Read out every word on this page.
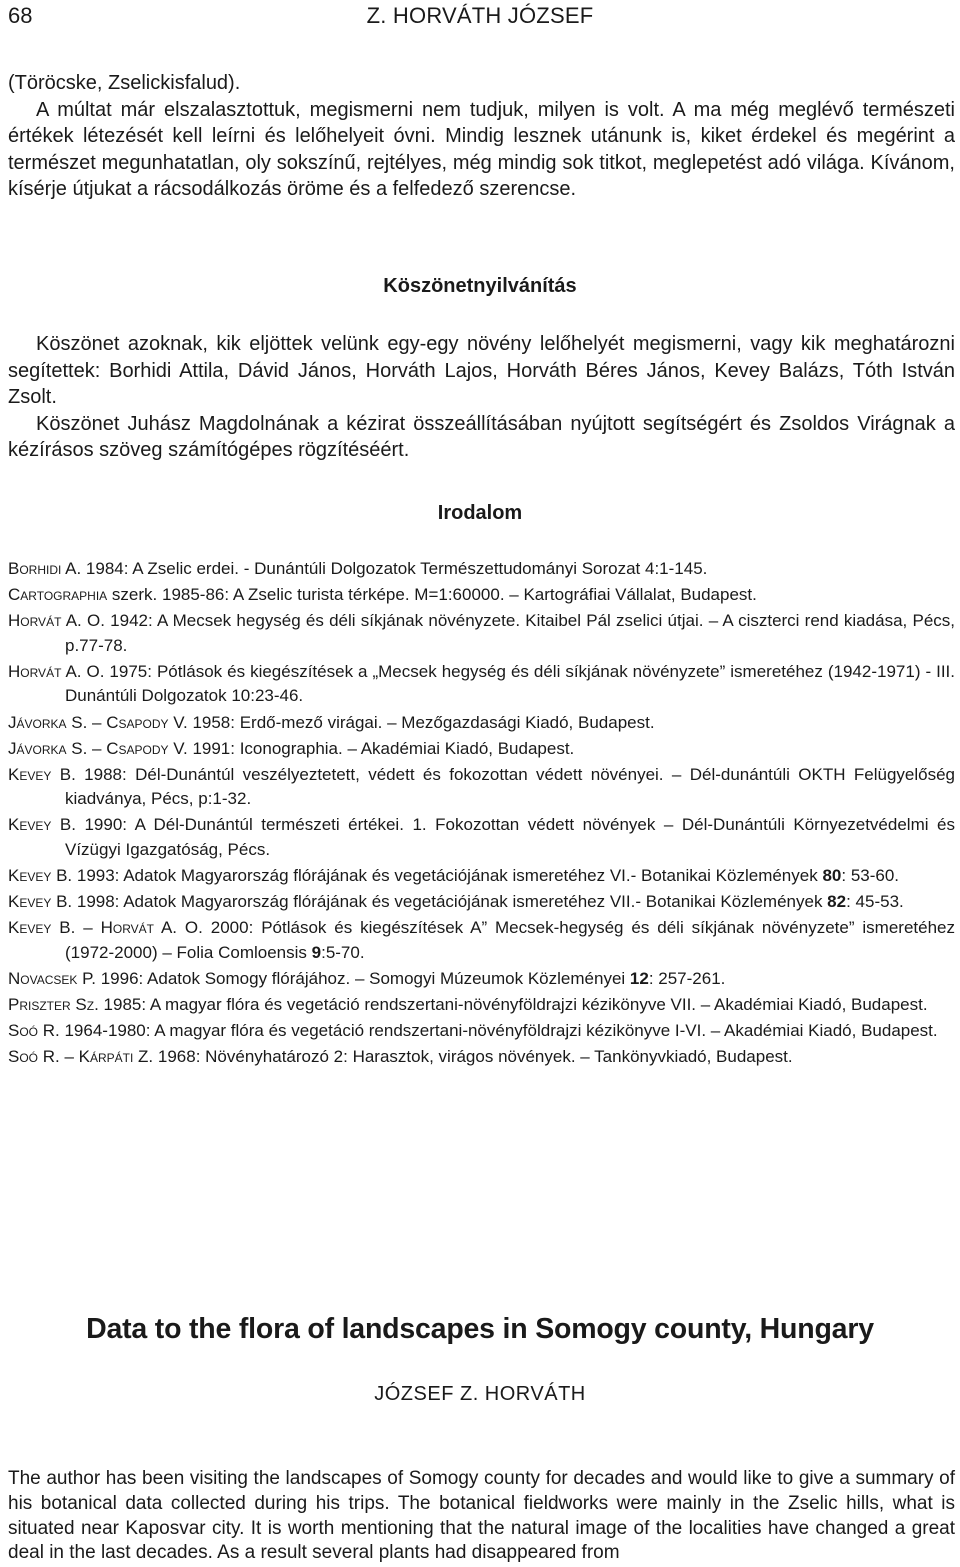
68	Z. HORVÁTH JÓZSEF

(Töröcske, Zselickisfalud).

A múltat már elszalasztottuk, megismerni nem tudjuk, milyen is volt. A ma még meglévő természeti értékek létezését kell leírni és lelőhelyeit óvni. Mindig lesznek utánunk is, kiket érdekel és megérint a természet megunhatatlan, oly sokszínű, rejtélyes, még mindig sok titkot, meglepetést adó világa. Kívánom, kísérje útjukat a rácsodálkozás öröme és a felfedező szerencse.

Köszönetnyilvánítás

Köszönet azoknak, kik eljöttek velünk egy-egy növény lelőhelyét megismerni, vagy kik meghatározni segítettek: Borhidi Attila, Dávid János, Horváth Lajos, Horváth Béres János, Kevey Balázs, Tóth István Zsolt.

Köszönet Juhász Magdolnának a kézirat összeállításában nyújtott segítségért és Zsoldos Virágnak a kézírásos szöveg számítógépes rögzítéséért.

Irodalom

Borhidi A. 1984: A Zselic erdei. - Dunántúli Dolgozatok Természettudományi Sorozat 4:1-145.

Cartographia szerk. 1985-86: A Zselic turista térképe. M=1:60000. – Kartográfiai Vállalat, Budapest.

Horvát A. O. 1942: A Mecsek hegység és déli síkjának növényzete. Kitaibel Pál zselici útjai. – A ciszterci rend kiadása, Pécs, p.77-78.

Horvát A. O. 1975: Pótlások és kiegészítések a „Mecsek hegység és déli síkjának növényzete” ismeretéhez (1942-1971) - III. Dunántúli Dolgozatok 10:23-46.

Jávorka S. – Csapody V. 1958: Erdő-mező virágai. – Mezőgazdasági Kiadó, Budapest.

Jávorka S. – Csapody V. 1991: Iconographia. – Akadémiai Kiadó, Budapest.

Kevey B. 1988: Dél-Dunántúl veszélyeztetett, védett és fokozottan védett növényei. – Dél-dunántúli OKTH Felügyelőség kiadványa, Pécs, p:1-32.

Kevey B. 1990: A Dél-Dunántúl természeti értékei. 1. Fokozottan védett növények – Dél-Dunántúli Környezetvédelmi és Vízügyi Igazgatóság, Pécs.

Kevey B. 1993: Adatok Magyarország flórájának és vegetációjának ismeretéhez VI.- Botanikai Közlemények 80: 53-60.

Kevey B. 1998: Adatok Magyarország flórájának és vegetációjának ismeretéhez VII.- Botanikai Közlemények 82: 45-53.

Kevey B. – Horvát A. O. 2000: Pótlások és kiegészítések A” Mecsek-hegység és déli síkjának növényzete” ismeretéhez (1972-2000) – Folia Comloensis 9:5-70.

Novacsek P. 1996: Adatok Somogy flórájához. – Somogyi Múzeumok Közleményei 12: 257-261.

Priszter Sz. 1985: A magyar flóra és vegetáció rendszertani-növényföldrajzi kézikönyve VII. – Akadémiai Kiadó, Budapest.

Soó R. 1964-1980: A magyar flóra és vegetáció rendszertani-növényföldrajzi kézikönyve I-VI. – Akadémiai Kiadó, Budapest.

Soó R. – Kárpáti Z. 1968: Növényhatározó 2: Harasztok, virágos növények. – Tankönyvkiadó, Budapest.

Data to the flora of landscapes in Somogy county, Hungary
JÓZSEF Z. HORVÁTH

The author has been visiting the landscapes of Somogy county for decades and would like to give a summary of his botanical data collected during his trips. The botanical fieldworks were mainly in the Zselic hills, what is situated near Kaposvar city. It is worth mentioning that the natural image of the localities have changed a great deal in the last decades. As a result several plants had disappeared from
